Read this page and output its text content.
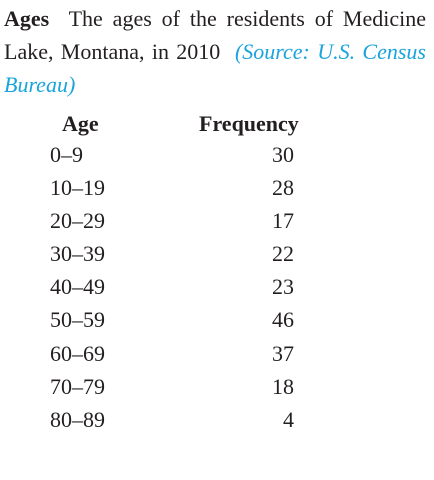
Ages The ages of the residents of Medicine Lake, Montana, in 2010 (Source: U.S. Census Bureau)
Age	Frequency
0–9	30
10–19	28
20–29	17
30–39	22
40–49	23
50–59	46
60–69	37
70–79	18
80–89	4
